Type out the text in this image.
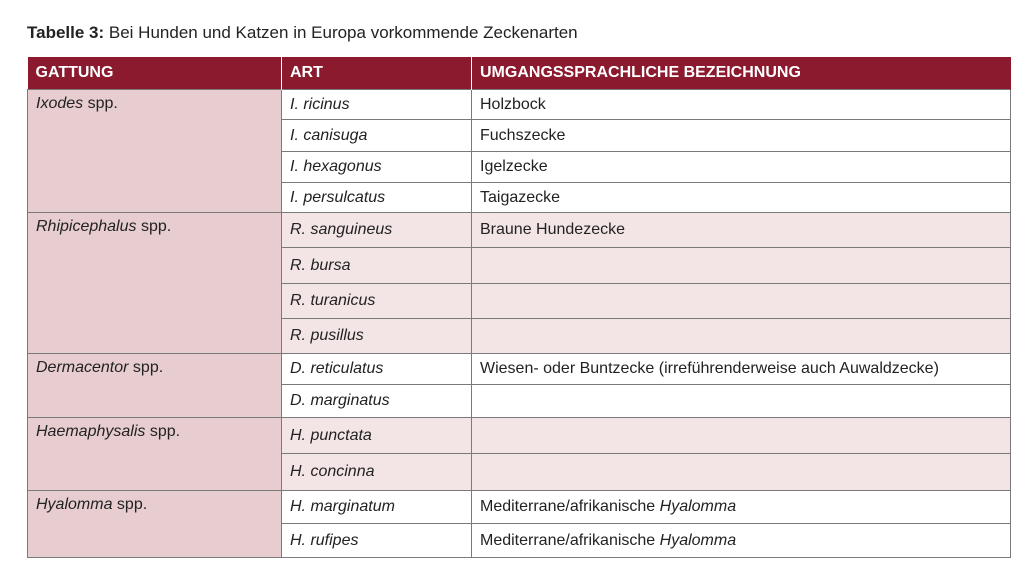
Tabelle 3: Bei Hunden und Katzen in Europa vorkommende Zeckenarten
GATTUNG	ART	UMGANGSSPRACHLICHE BEZEICHNUNG
Ixodes spp.	I. ricinus	Holzbock
	I. canisuga	Fuchszecke
	I. hexagonus	Igelzecke
	I. persulcatus	Taigazecke
Rhipicephalus spp.	R. sanguineus	Braune Hundezecke
	R. bursa	
	R. turanicus	
	R. pusillus	
Dermacentor spp.	D. reticulatus	Wiesen- oder Buntzecke (irreführenderweise auch Auwaldzecke)
	D. marginatus	
Haemaphysalis spp.	H. punctata	
	H. concinna	
Hyalomma spp.	H. marginatum	Mediterrane/afrikanische Hyalomma
	H. rufipes	Mediterrane/afrikanische Hyalomma
